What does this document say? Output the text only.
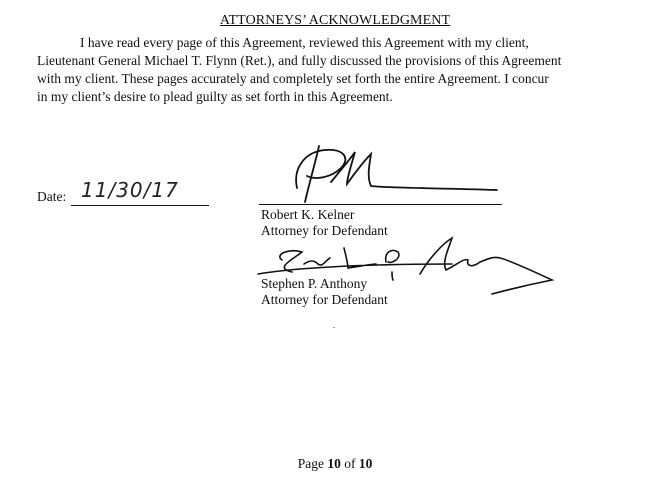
ATTORNEYS’ ACKNOWLEDGMENT
I have read every page of this Agreement, reviewed this Agreement with my client,
Lieutenant General Michael T. Flynn (Ret.), and fully discussed the provisions of this Agreement
with my client. These pages accurately and completely set forth the entire Agreement. I concur
in my client’s desire to plead guilty as set forth in this Agreement.
Date: 11/30/17
Robert K. Kelner
Attorney for Defendant
Stephen P. Anthony
Attorney for Defendant
Page 10 of 10
